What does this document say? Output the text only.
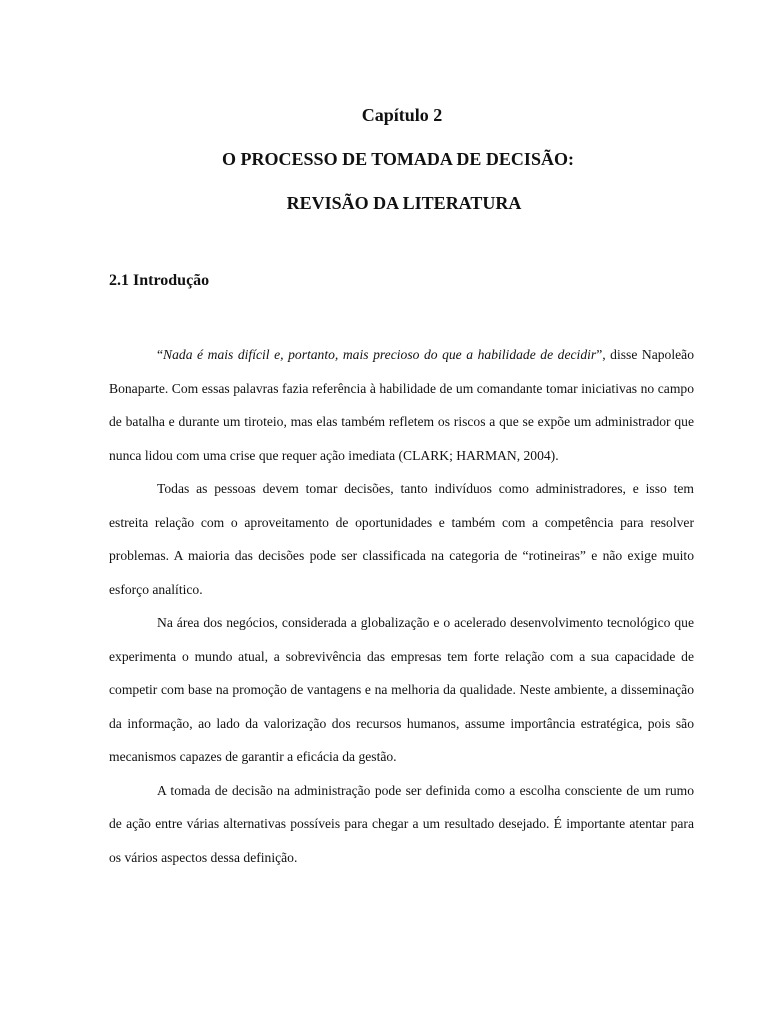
Capítulo 2
O PROCESSO DE TOMADA DE DECISÃO:
REVISÃO DA LITERATURA
2.1 Introdução

“Nada é mais difícil e, portanto, mais precioso do que a habilidade de decidir”, disse Napoleão Bonaparte. Com essas palavras fazia referência à habilidade de um comandante tomar iniciativas no campo de batalha e durante um tiroteio, mas elas também refletem os riscos a que se expõe um administrador que nunca lidou com uma crise que requer ação imediata (CLARK; HARMAN, 2004).

Todas as pessoas devem tomar decisões, tanto indivíduos como administradores, e isso tem estreita relação com o aproveitamento de oportunidades e também com a competência para resolver problemas. A maioria das decisões pode ser classificada na categoria de “rotineiras” e não exige muito esforço analítico.

Na área dos negócios, considerada a globalização e o acelerado desenvolvimento tecnológico que experimenta o mundo atual, a sobrevivência das empresas tem forte relação com a sua capacidade de competir com base na promoção de vantagens e na melhoria da qualidade. Neste ambiente, a disseminação da informação, ao lado da valorização dos recursos humanos, assume importância estratégica, pois são mecanismos capazes de garantir a eficácia da gestão.

A tomada de decisão na administração pode ser definida como a escolha consciente de um rumo de ação entre várias alternativas possíveis para chegar a um resultado desejado. É importante atentar para os vários aspectos dessa definição.
